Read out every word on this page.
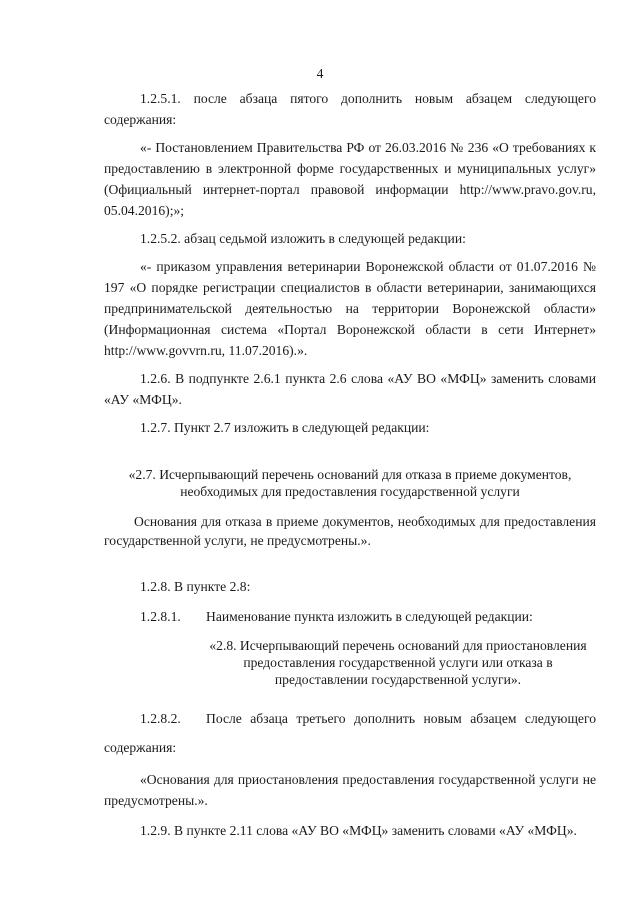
4

1.2.5.1. после абзаца пятого дополнить новым абзацем следующего содержания:

«- Постановлением Правительства РФ от 26.03.2016 № 236 «О требованиях к предоставлению в электронной форме государственных и муниципальных услуг» (Официальный интернет-портал правовой информации http://www.pravo.gov.ru, 05.04.2016);»;

1.2.5.2. абзац седьмой изложить в следующей редакции:

«- приказом управления ветеринарии Воронежской области от 01.07.2016 № 197 «О порядке регистрации специалистов в области ветеринарии, занимающихся предпринимательской деятельностью на территории Воронежской области» (Информационная система «Портал Воронежской области в сети Интернет» http://www.govvrn.ru, 11.07.2016).».

1.2.6. В подпункте 2.6.1 пункта 2.6 слова «АУ ВО «МФЦ» заменить словами «АУ «МФЦ».

1.2.7. Пункт 2.7 изложить в следующей редакции:

«2.7. Исчерпывающий перечень оснований для отказа в приеме документов, необходимых для предоставления государственной услуги

Основания для отказа в приеме документов, необходимых для предоставления государственной услуги, не предусмотрены.».

1.2.8. В пункте 2.8:

1.2.8.1.	Наименование пункта изложить в следующей редакции:

«2.8. Исчерпывающий перечень оснований для приостановления предоставления государственной услуги или отказа в предоставлении государственной услуги».

1.2.8.2.	После абзаца третьего дополнить новым абзацем следующего

содержания:

«Основания для приостановления предоставления государственной услуги не предусмотрены.».

1.2.9. В пункте 2.11 слова «АУ ВО «МФЦ» заменить словами «АУ «МФЦ».
